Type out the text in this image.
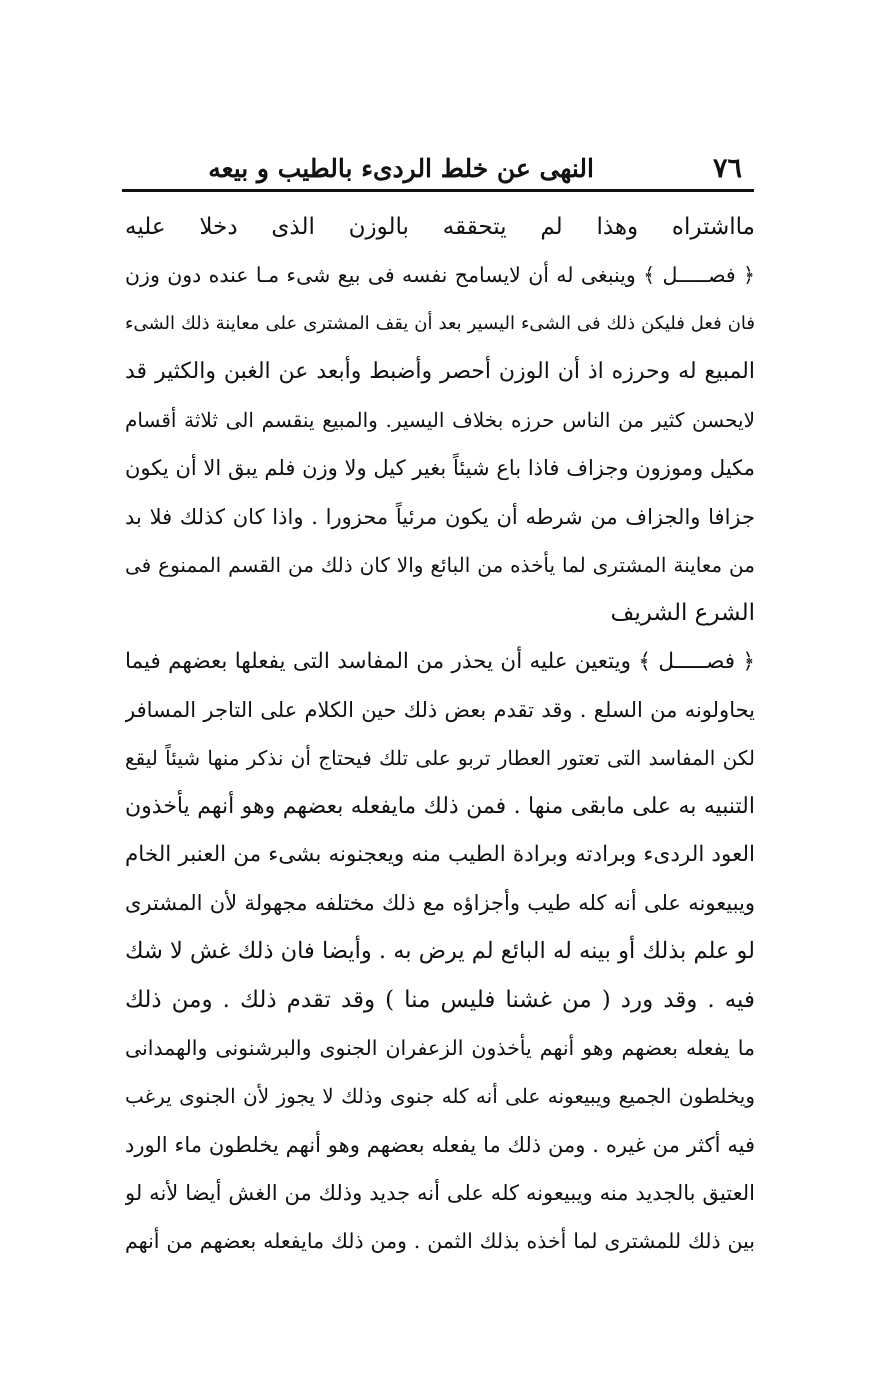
٧٦
النهى عن خلط الردىء بالطيب و بيعه
مااشتراه وهذا لم يتحققه بالوزن الذى دخلا عليه
﴿ فصـــــل ﴾ وينبغى له أن لايسامح نفسه فى بيع شىء مـا عنده دون وزن
فان فعل فليكن ذلك فى الشىء اليسير بعد أن يقف المشترى على معاينة ذلك الشىء
المبيع له وحرزه اذ أن الوزن أحصر وأضبط وأبعد عن الغبن والكثير قد
لايحسن كثير من الناس حرزه بخلاف اليسير. والمبيع ينقسم الى ثلاثة أقسام
مكيل وموزون وجزاف فاذا باع شيئاً بغير كيل ولا وزن فلم يبق الا أن يكون
جزافا والجزاف من شرطه أن يكون مرئياً محزورا . واذا كان كذلك فلا بد
من معاينة المشترى لما يأخذه من البائع والا كان ذلك من القسم الممنوع فى
الشرع الشريف
﴿ فصـــــل ﴾ ويتعين عليه أن يحذر من المفاسد التى يفعلها بعضهم فيما
يحاولونه من السلع . وقد تقدم بعض ذلك حين الكلام على التاجر المسافر
لكن المفاسد التى تعتور العطار تربو على تلك فيحتاج أن نذكر منها شيئاً ليقع
التنبيه به على مابقى منها . فمن ذلك مايفعله بعضهم وهو أنهم يأخذون
العود الردىء وبرادته وبرادة الطيب منه ويعجنونه بشىء من العنبر الخام
ويبيعونه على أنه كله طيب وأجزاؤه مع ذلك مختلفه مجهولة لأن المشترى
لو علم بذلك أو بينه له البائع لم يرض به . وأيضا فان ذلك غش لا شك
فيه . وقد ورد ( من غشنا فليس منا ) وقد تقدم ذلك . ومن ذلك
ما يفعله بعضهم وهو أنهم يأخذون الزعفران الجنوى والبرشنونى والهمدانى
ويخلطون الجميع ويبيعونه على أنه كله جنوى وذلك لا يجوز لأن الجنوى يرغب
فيه أكثر من غيره . ومن ذلك ما يفعله بعضهم وهو أنهم يخلطون ماء الورد
العتيق بالجديد منه ويبيعونه كله على أنه جديد وذلك من الغش أيضا لأنه لو
بين ذلك للمشترى لما أخذه بذلك الثمن . ومن ذلك مايفعله بعضهم من أنهم
